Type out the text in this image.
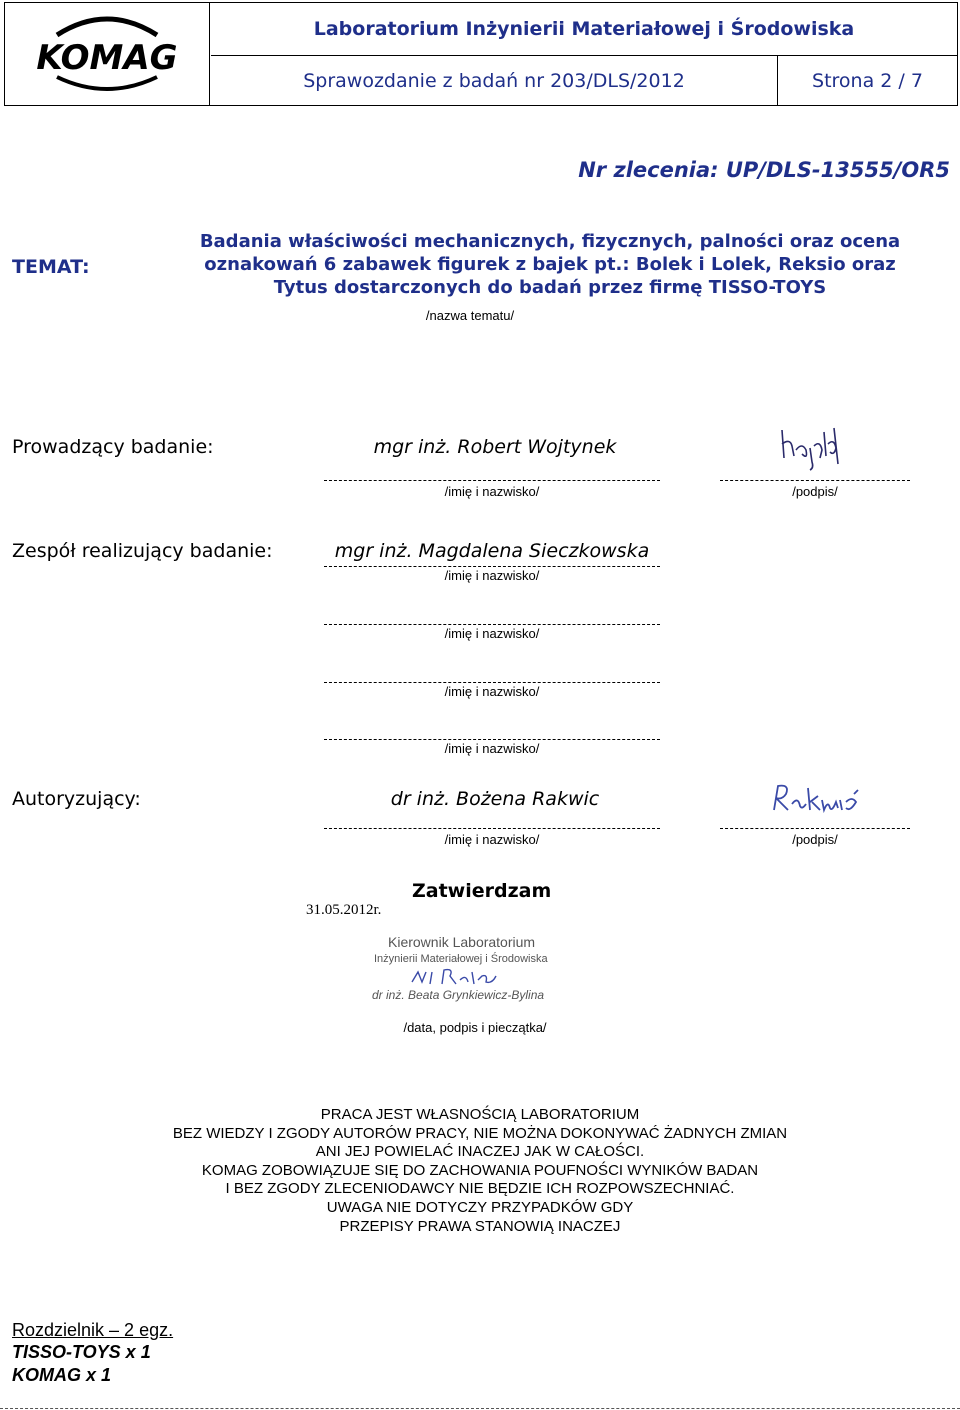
KOMAG
Laboratorium Inżynierii Materiałowej i Środowiska
Sprawozdanie z badań nr 203/DLS/2012	Strona 2 / 7
Nr zlecenia: UP/DLS-13555/OR5
TEMAT:
Badania właściwości mechanicznych, fizycznych, palności oraz ocena
oznakowań 6 zabawek figurek z bajek pt.: Bolek i Lolek, Reksio oraz
Tytus dostarczonych do badań przez firmę TISSO-TOYS
/nazwa tematu/
Prowadzący badanie:	mgr inż. Robert Wojtynek
/imię i nazwisko/	/podpis/
Zespół realizujący badanie:	mgr inż. Magdalena Sieczkowska
/imię i nazwisko/
/imię i nazwisko/
/imię i nazwisko/
/imię i nazwisko/
Autoryzujący:	dr inż. Bożena Rakwic
/imię i nazwisko/	/podpis/
Zatwierdzam
31.05.2012r.
Kierownik Laboratorium
Inżynierii Materiałowej i Środowiska
dr inż. Beata Grynkiewicz-Bylina
/data, podpis i pieczątka/
PRACA JEST WŁASNOŚCIĄ LABORATORIUM
BEZ WIEDZY I ZGODY AUTORÓW PRACY, NIE MOŻNA DOKONYWAĆ ŻADNYCH ZMIAN
ANI JEJ POWIELAĆ INACZEJ JAK W CAŁOŚCI.
KOMAG ZOBOWIĄZUJE SIĘ DO ZACHOWANIA POUFNOŚCI WYNIKÓW BADAN
I BEZ ZGODY ZLECENIODAWCY NIE BĘDZIE ICH ROZPOWSZECHNIAĆ.
UWAGA NIE DOTYCZY PRZYPADKÓW GDY
PRZEPISY PRAWA STANOWIĄ INACZEJ
Rozdzielnik – 2 egz.
TISSO-TOYS x 1
KOMAG x 1
